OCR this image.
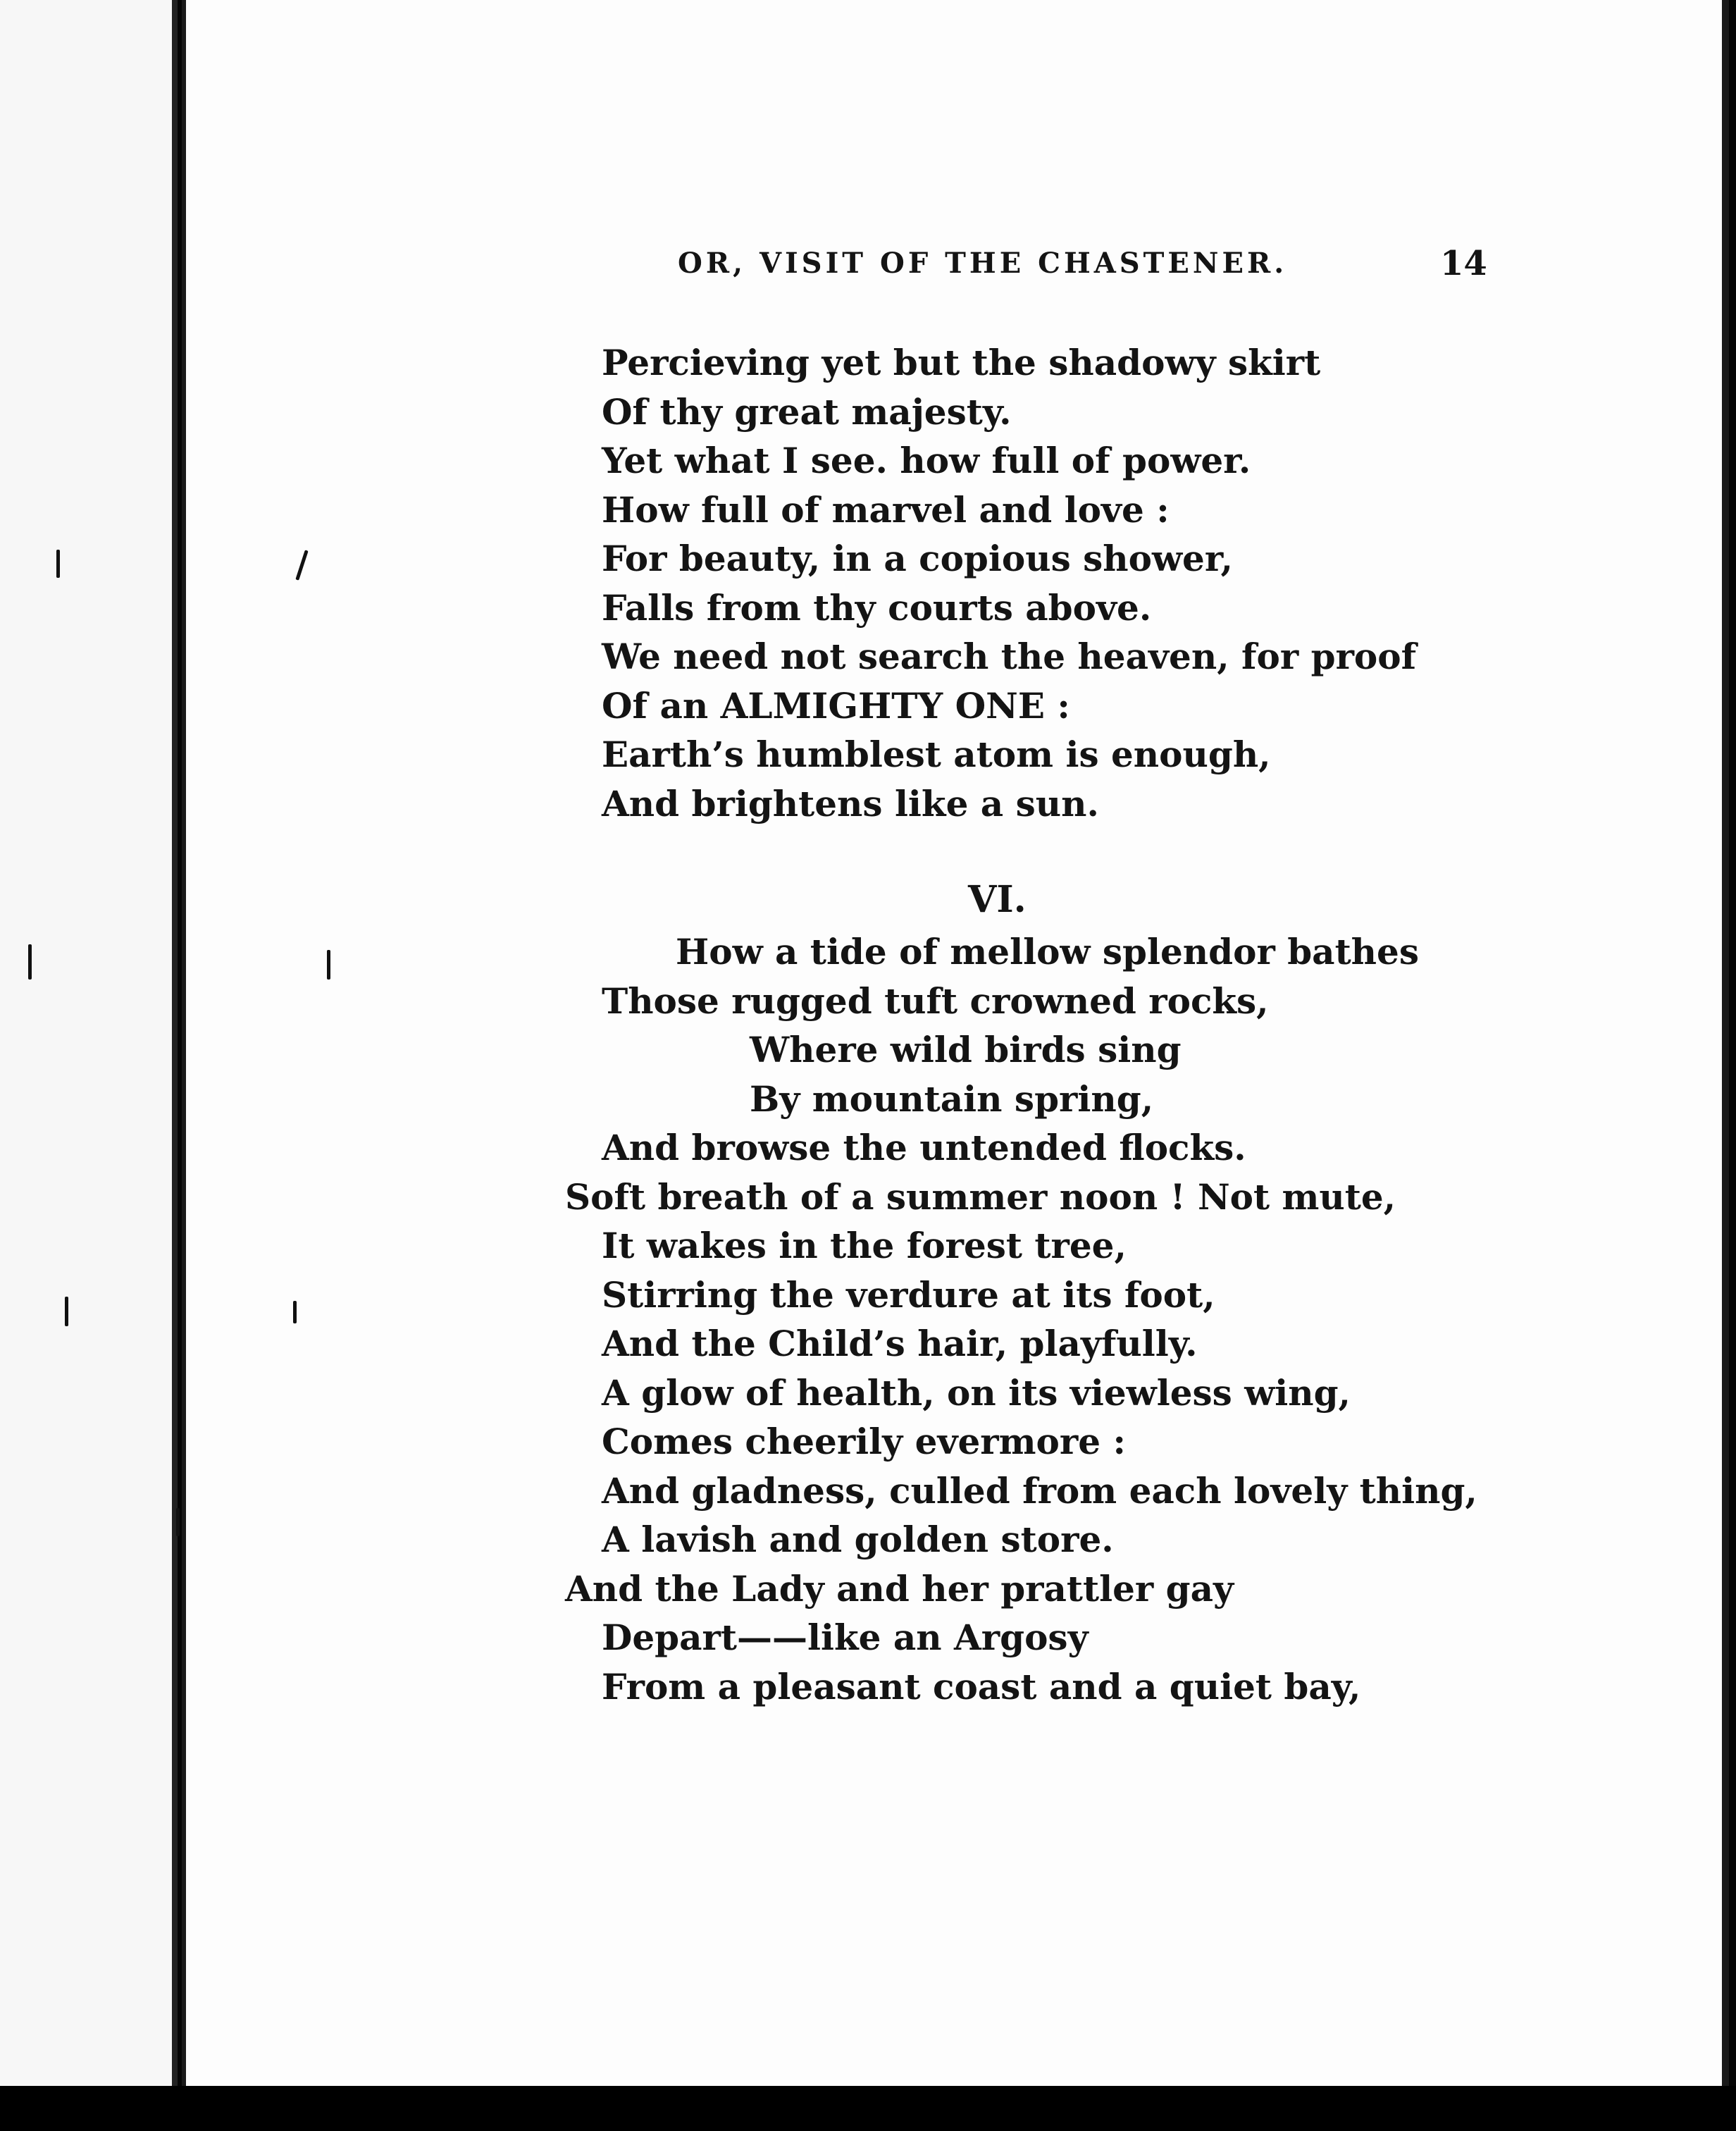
OR, VISIT OF THE CHASTENER.	14
Percieving yet but the shadowy skirt
Of thy great majesty.
Yet what I see. how full of power.
How full of marvel and love :
For beauty, in a copious shower,
Falls from thy courts above.
We need not search the heaven, for proof
Of an ALMIGHTY ONE :
Earth’s humblest atom is enough,
And brightens like a sun.

VI.

How a tide of mellow splendor bathes
Those rugged tuft crowned rocks,
Where wild birds sing
By mountain spring,
And browse the untended flocks.
Soft breath of a summer noon ! Not mute,
It wakes in the forest tree,
Stirring the verdure at its foot,
And the Child’s hair, playfully.
A glow of health, on its viewless wing,
Comes cheerily evermore :
And gladness, culled from each lovely thing,
A lavish and golden store.
And the Lady and her prattler gay
Depart——like an Argosy
From a pleasant coast and a quiet bay,
